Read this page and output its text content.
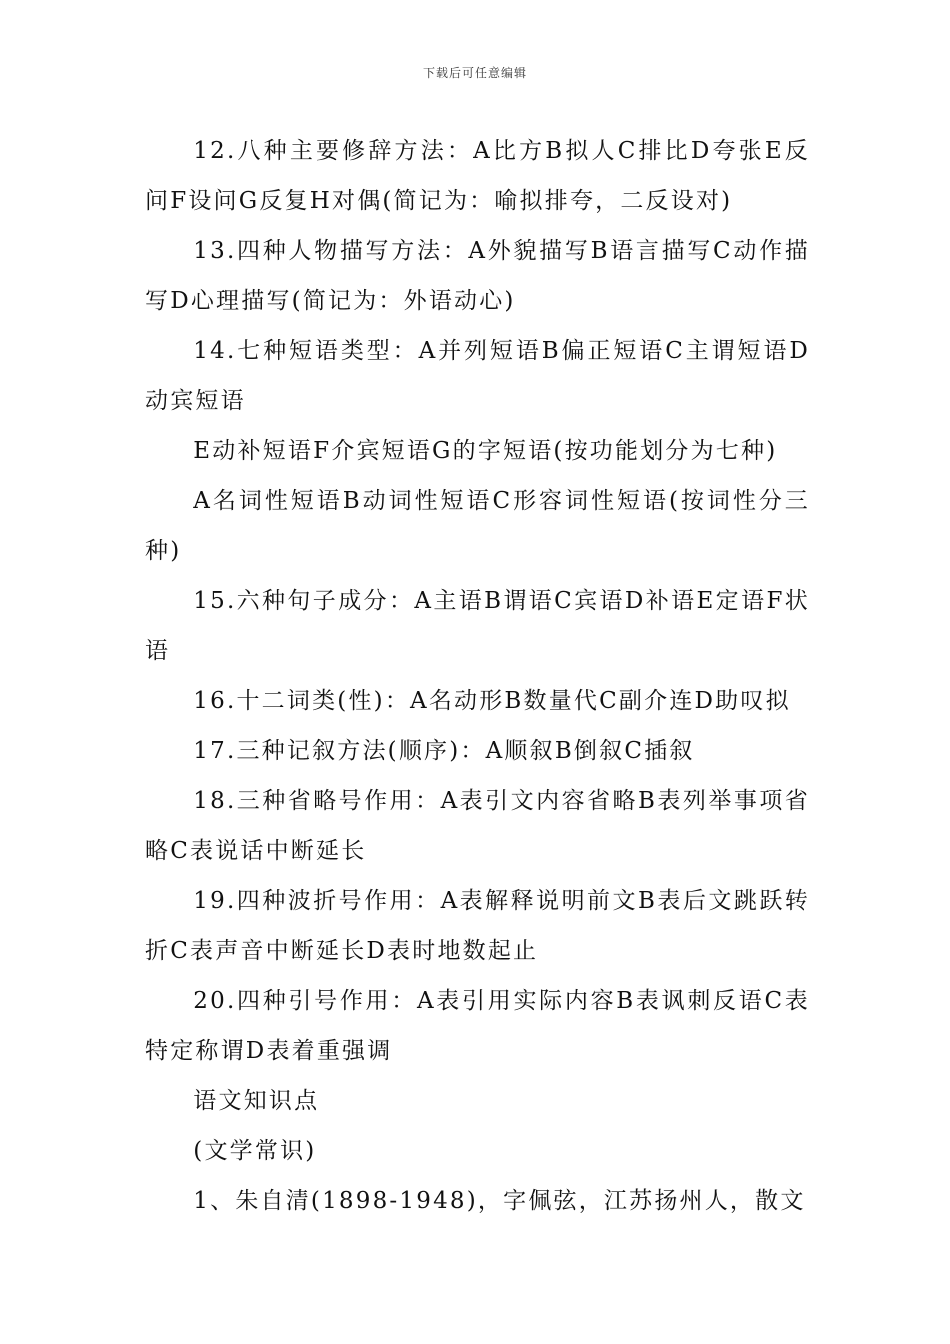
下载后可任意编辑

12.八种主要修辞方法：A比方B拟人C排比D夸张E反问F设问G反复H对偶(简记为：喻拟排夸，二反设对)

13.四种人物描写方法：A外貌描写B语言描写C动作描写D心理描写(简记为：外语动心)

14.七种短语类型：A并列短语B偏正短语C主谓短语D动宾短语

E动补短语F介宾短语G的字短语(按功能划分为七种)

A名词性短语B动词性短语C形容词性短语(按词性分三种)

15.六种句子成分：A主语B谓语C宾语D补语E定语F状语

16.十二词类(性)：A名动形B数量代C副介连D助叹拟

17.三种记叙方法(顺序)：A顺叙B倒叙C插叙

18.三种省略号作用：A表引文内容省略B表列举事项省略C表说话中断延长

19.四种波折号作用：A表解释说明前文B表后文跳跃转折C表声音中断延长D表时地数起止

20.四种引号作用：A表引用实际内容B表讽刺反语C表特定称谓D表着重强调

语文知识点

(文学常识)

1、朱自清(1898-1948)，字佩弦，江苏扬州人，散文
